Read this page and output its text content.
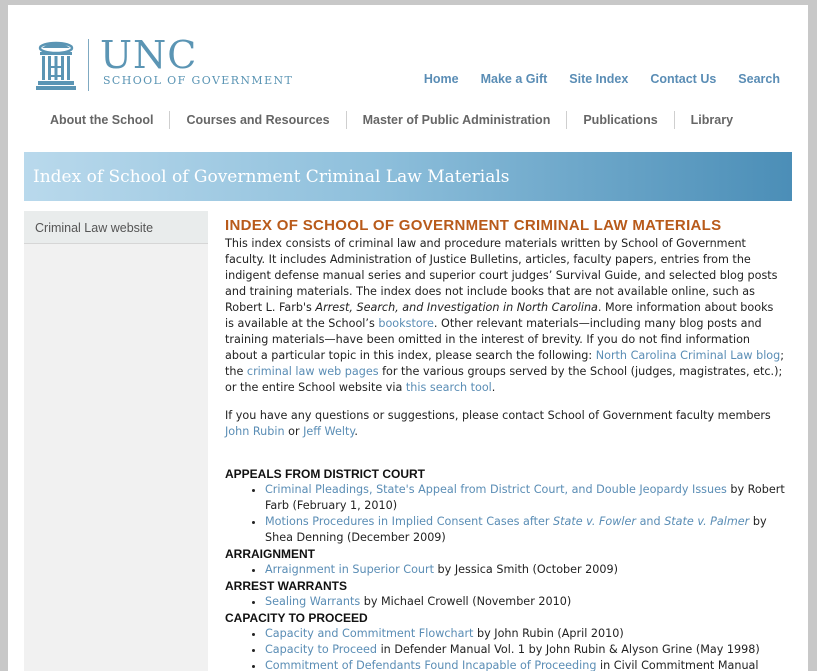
UNC
SCHOOL OF GOVERNMENT	Home Make a Gift Site Index Contact Us Search
About the School	Courses and Resources	Master of Public Administration	Publications	Library
Index of School of Government Criminal Law Materials
Criminal Law website	INDEX OF SCHOOL OF GOVERNMENT CRIMINAL LAW MATERIALS

This index consists of criminal law and procedure materials written by School of Government faculty. It includes Administration of Justice Bulletins, articles, faculty papers, entries from the indigent defense manual series and superior court judges’ Survival Guide, and selected blog posts and training materials. The index does not include books that are not available online, such as Robert L. Farb's Arrest, Search, and Investigation in North Carolina. More information about books is available at the School’s bookstore. Other relevant materials—including many blog posts and training materials—have been omitted in the interest of brevity. If you do not find information about a particular topic in this index, please search the following: North Carolina Criminal Law blog; the criminal law web pages for the various groups served by the School (judges, magistrates, etc.); or the entire School website via this search tool.

If you have any questions or suggestions, please contact School of Government faculty members John Rubin or Jeff Welty.

APPEALS FROM DISTRICT COURT
• Criminal Pleadings, State's Appeal from District Court, and Double Jeopardy Issues by Robert Farb (February 1, 2010)
• Motions Procedures in Implied Consent Cases after State v. Fowler and State v. Palmer by Shea Denning (December 2009)
ARRAIGNMENT
• Arraignment in Superior Court by Jessica Smith (October 2009)
ARREST WARRANTS
• Sealing Warrants by Michael Crowell (November 2010)
CAPACITY TO PROCEED
• Capacity and Commitment Flowchart by John Rubin (April 2010)
• Capacity to Proceed in Defender Manual Vol. 1 by John Rubin & Alyson Grine (May 1998)
• Commitment of Defendants Found Incapable of Proceeding in Civil Commitment Manual
